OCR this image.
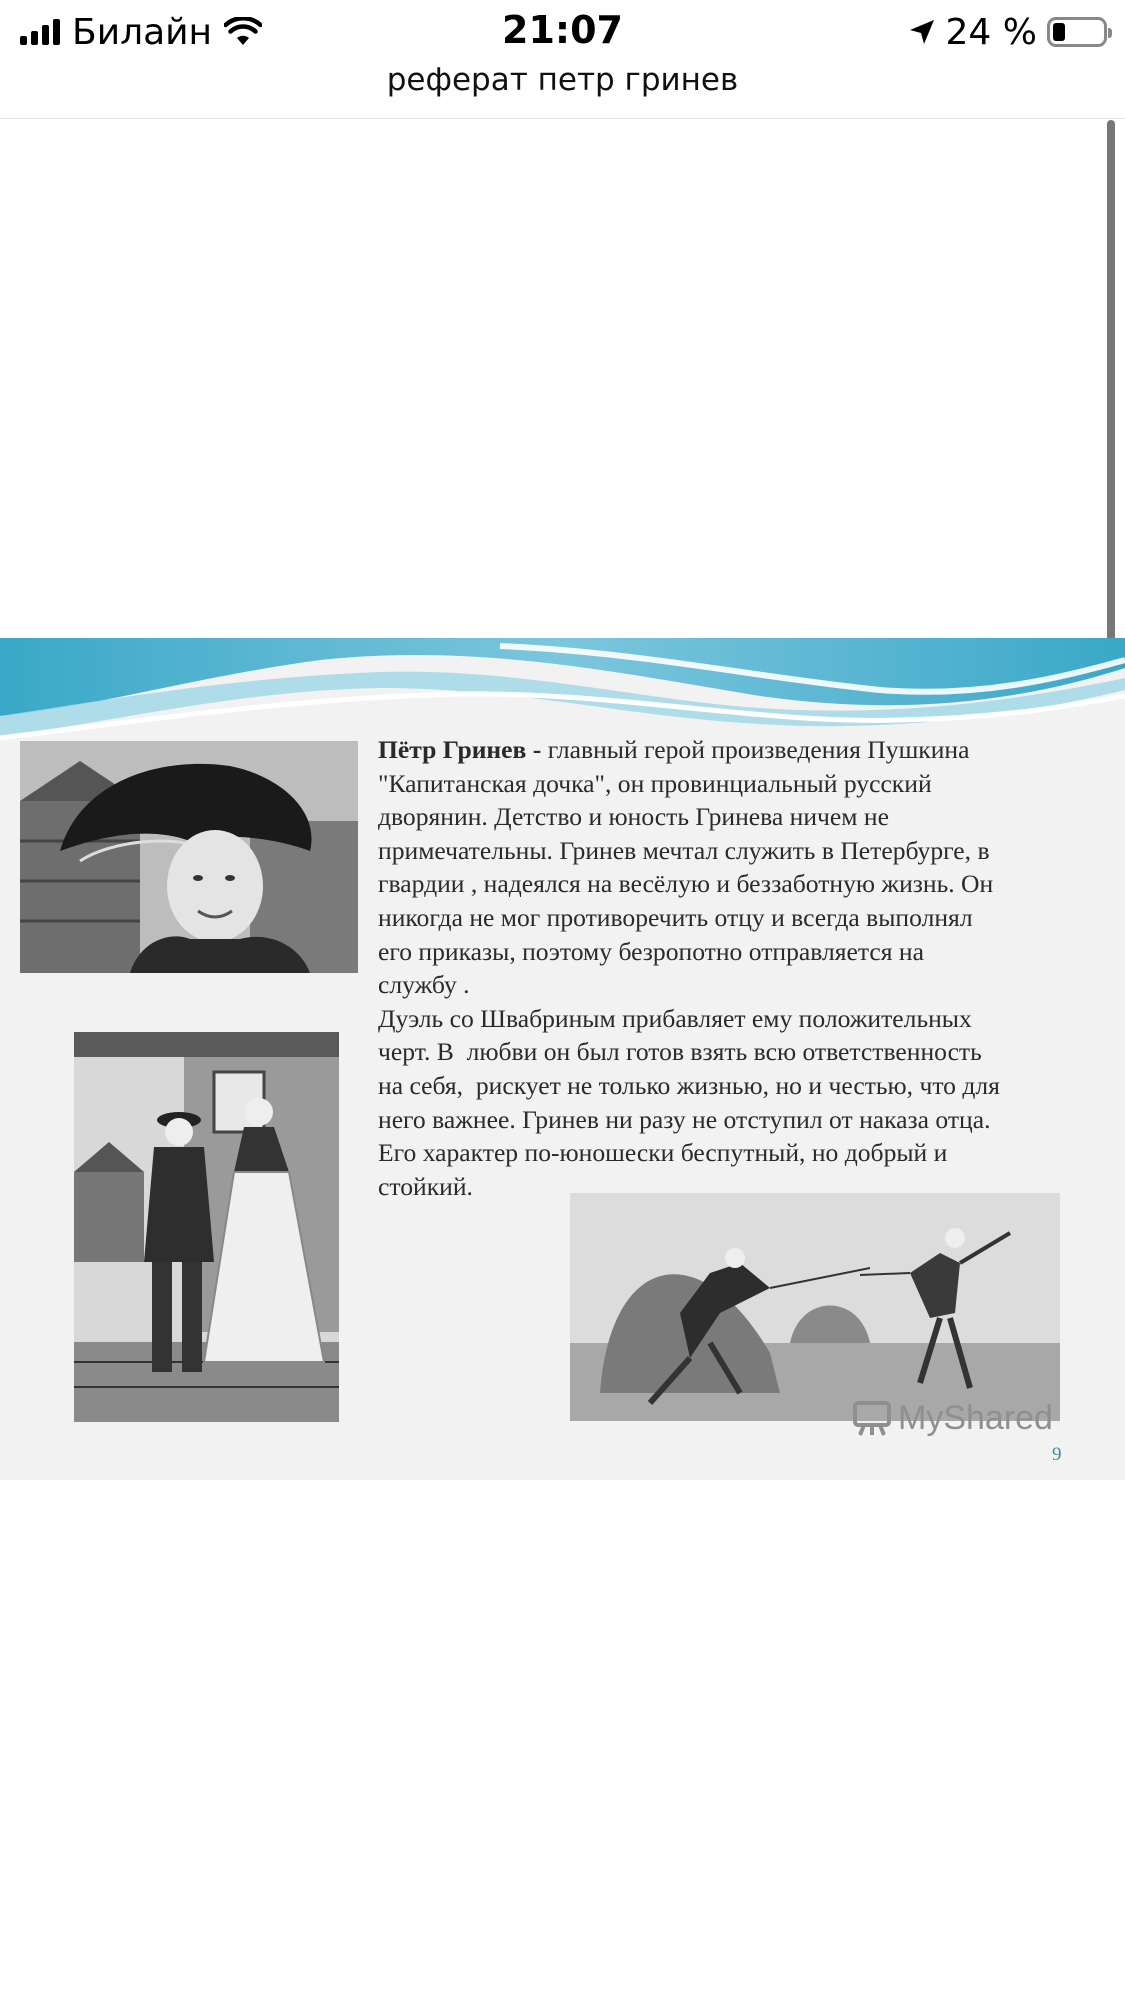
Билайн	21:07	24 %
реферат петр гринев
Пётр Гринев - главный герой произведения Пушкина
"Капитанская дочка", он провинциальный русский
дворянин. Детство и юность Гринева ничем не
примечательны. Гринев мечтал служить в Петербурге, в
гвардии , надеялся на весёлую и беззаботную жизнь. Он
никогда не мог противоречить отцу и всегда выполнял
его приказы, поэтому безропотно отправляется на
службу .
Дуэль со Швабриным прибавляет ему положительных
черт. В  любви он был готов взять всю ответственность
на себя,  рискует не только жизнью, но и честью, что для
него важнее. Гринев ни разу не отступил от наказа отца.
Его характер по-юношески беспутный, но добрый и
стойкий.
MyShared
9
